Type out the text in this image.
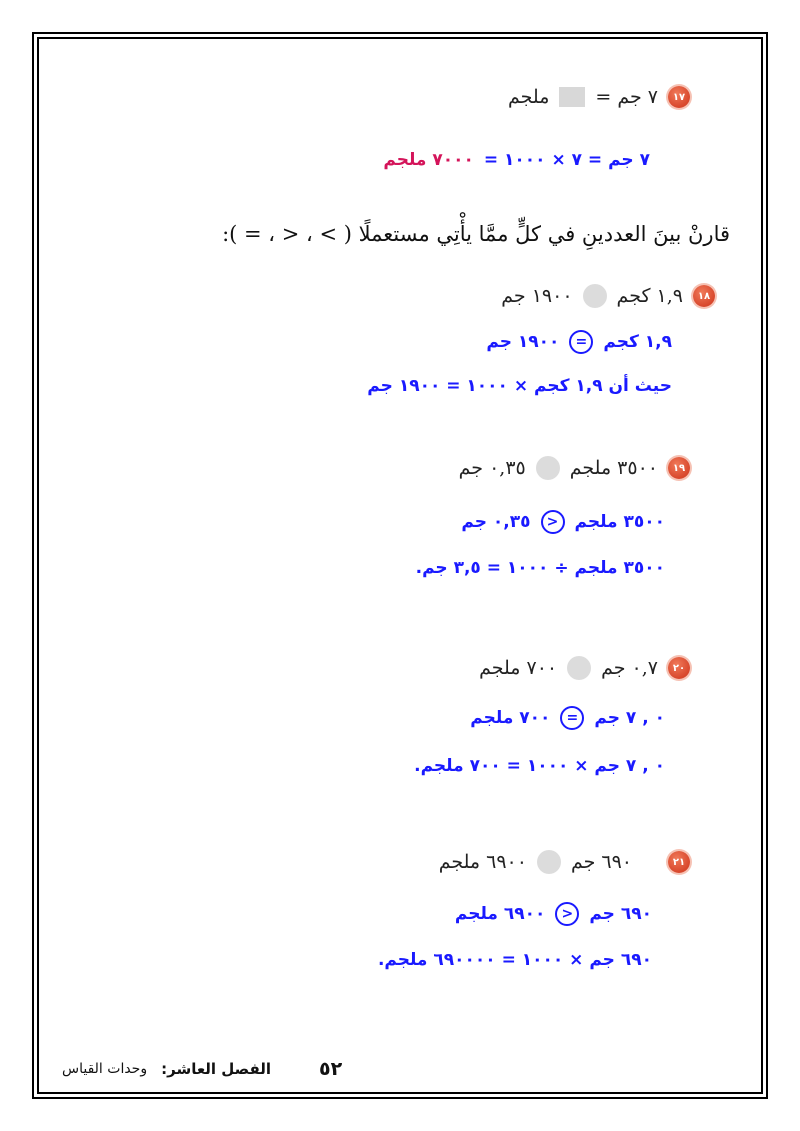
١٧
٧ جم =
ملجم
٧ جم = ٧ × ١٠٠٠ =
٧٠٠٠ ملجم
قارنْ بينَ العددينِ في كلٍّ ممَّا يأْتِي مستعملًا ( > ، < ، = ):
١٨
١,٩ كجم
١٩٠٠ جم
١,٩ كجم
=
١٩٠٠ جم
حيث أن ١,٩ كجم × ١٠٠٠ = ١٩٠٠ جم
١٩
٣٥٠٠ ملجم
٠,٣٥ جم
٣٥٠٠ ملجم
<
٠,٣٥ جم
٣٥٠٠ ملجم ÷ ١٠٠٠ = ٣,٥ جم.
٢٠
٠,٧ جم
٧٠٠ ملجم
٠ , ٧ جم
=
٧٠٠ ملجم
٠ , ٧ جم × ١٠٠٠ = ٧٠٠ ملجم.
٢١
٦٩٠ جم
٦٩٠٠ ملجم
٦٩٠ جم
<
٦٩٠٠ ملجم
٦٩٠ جم × ١٠٠٠ = ٦٩٠٠٠٠ ملجم.
٥٢
الفصل العاشر:
وحدات القياس
